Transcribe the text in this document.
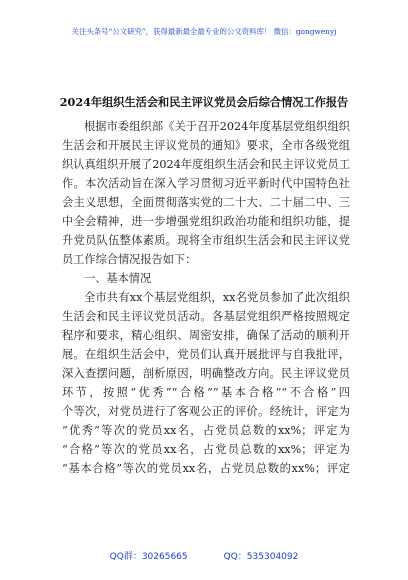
关注头条号“公文研究”，获得最新最全最专业的公文资料库！ 微信：gongwenyj
2024年组织生活会和民主评议党员会后综合情况工作报告
根据市委组织部《关于召开2024年度基层党组织组织
生活会和开展民主评议党员的通知》要求，全市各级党组
织认真组织开展了2024年度组织生活会和民主评议党员工
作。本次活动旨在深入学习贯彻习近平新时代中国特色社
会主义思想，全面贯彻落实党的二十大、二十届二中、三
中全会精神，进一步增强党组织政治功能和组织功能，提
升党员队伍整体素质。现将全市组织生活会和民主评议党
员工作综合情况报告如下：
一、基本情况
全市共有xx个基层党组织，xx名党员参加了此次组织
生活会和民主评议党员活动。各基层党组织严格按照规定
程序和要求，精心组织、周密安排，确保了活动的顺利开
展。在组织生活会中，党员们认真开展批评与自我批评，
深入查摆问题，剖析原因，明确整改方向。民主评议党员
环节，按照“优秀”“合格”“基本合格”“不合格”四
个等次，对党员进行了客观公正的评价。经统计，评定为
“优秀”等次的党员xx名，占党员总数的xx%；评定为
“合格”等次的党员xx名，占党员总数的xx%；评定为
“基本合格”等次的党员xx名，占党员总数的xx%；评定
QQ群：30265665	QQ：535304092
